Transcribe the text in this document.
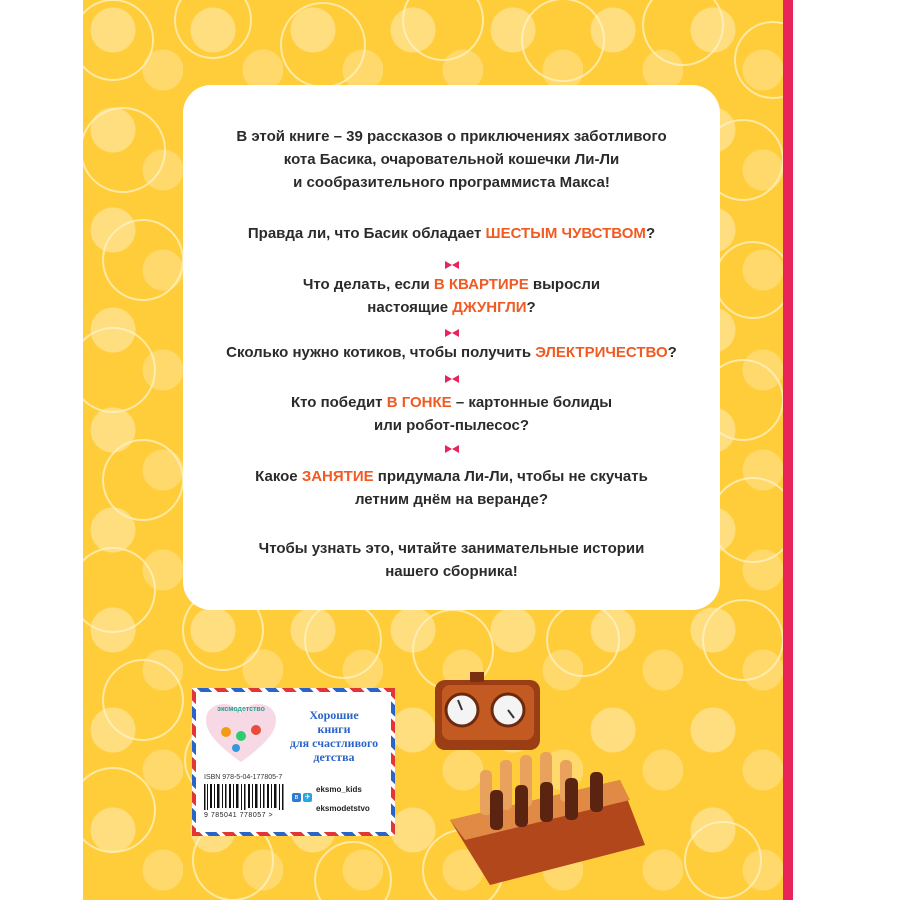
В этой книге – 39 рассказов о приключениях заботливого
кота Басика, очаровательной кошечки Ли-Ли
и сообразительного программиста Макса!
Правда ли, что Басик обладает ШЕСТЫМ ЧУВСТВОМ?
Что делать, если В КВАРТИРЕ выросли
настоящие ДЖУНГЛИ?
Сколько нужно котиков, чтобы получить ЭЛЕКТРИЧЕСТВО?
Кто победит В ГОНКЕ – картонные болиды
или робот-пылесос?
Какое ЗАНЯТИЕ придумала Ли-Ли, чтобы не скучать
летним днём на веранде?
Чтобы узнать это, читайте занимательные истории
нашего сборника!
эксмодетство	Хорошие
книги
для счастливого
детства
ISBN 978-5-04-177805-7
9 785041 778057 >
в ✈
eksmo_kids
eksmodetstvo
